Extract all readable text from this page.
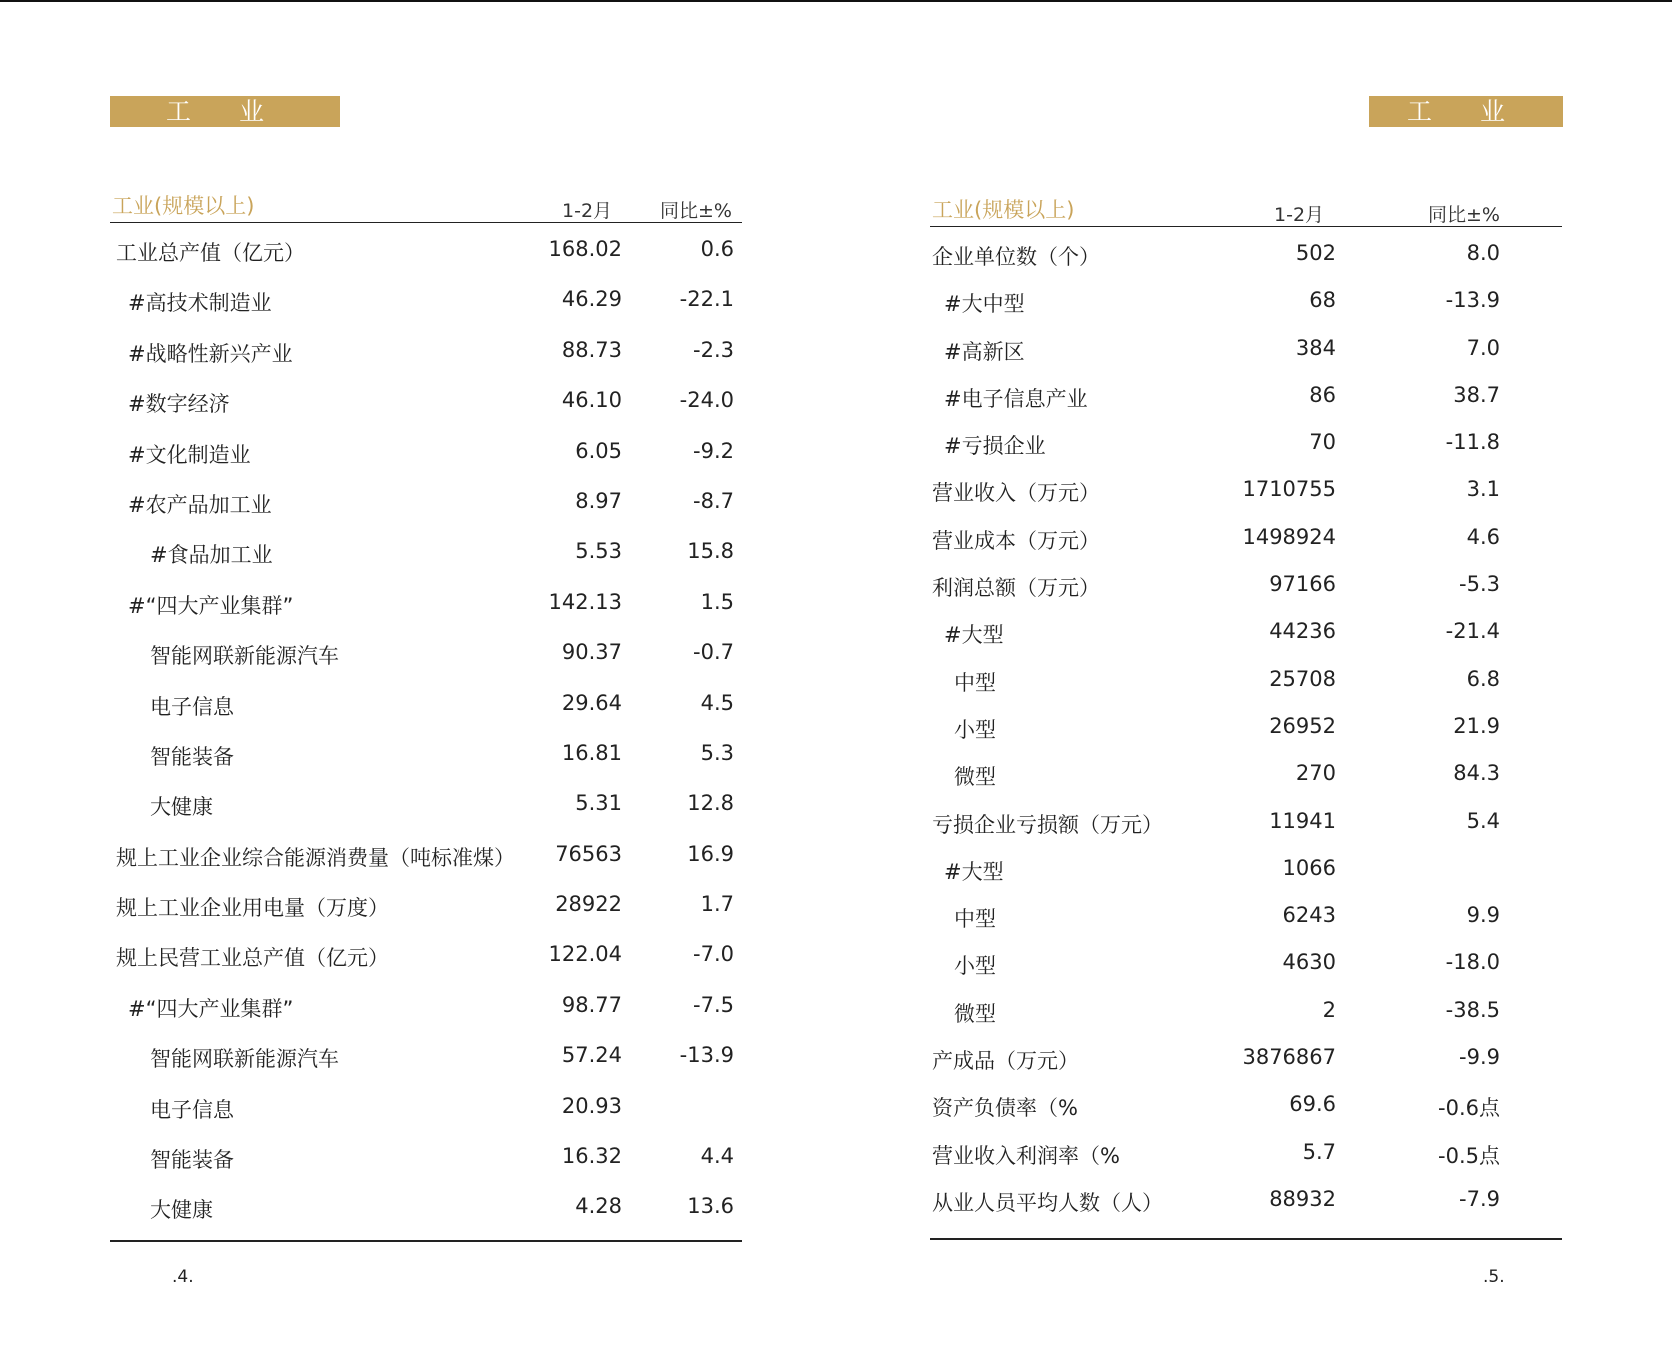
工 业	工 业
工业(规模以上)	1-2月	同比±%
工业总产值（亿元）	168.02	0.6
#高技术制造业	46.29	-22.1
#战略性新兴产业	88.73	-2.3
#数字经济	46.10	-24.0
#文化制造业	6.05	-9.2
#农产品加工业	8.97	-8.7
#食品加工业	5.53	15.8
#“四大产业集群”	142.13	1.5
智能网联新能源汽车	90.37	-0.7
电子信息	29.64	4.5
智能装备	16.81	5.3
大健康	5.31	12.8
规上工业企业综合能源消费量（吨标准煤）	76563	16.9
规上工业企业用电量（万度）	28922	1.7
规上民营工业总产值（亿元）	122.04	-7.0
#“四大产业集群”	98.77	-7.5
智能网联新能源汽车	57.24	-13.9
电子信息	20.93
智能装备	16.32	4.4
大健康	4.28	13.6
工业(规模以上)	1-2月	同比±%
企业单位数（个）	502	8.0
#大中型	68	-13.9
#高新区	384	7.0
#电子信息产业	86	38.7
#亏损企业	70	-11.8
营业收入（万元）	1710755	3.1
营业成本（万元）	1498924	4.6
利润总额（万元）	97166	-5.3
#大型	44236	-21.4
中型	25708	6.8
小型	26952	21.9
微型	270	84.3
亏损企业亏损额（万元）	11941	5.4
#大型	1066
中型	6243	9.9
小型	4630	-18.0
微型	2	-38.5
产成品（万元）	3876867	-9.9
资产负债率（%	69.6	-0.6点
营业收入利润率（%	5.7	-0.5点
从业人员平均人数（人）	88932	-7.9
.4.	.5.
